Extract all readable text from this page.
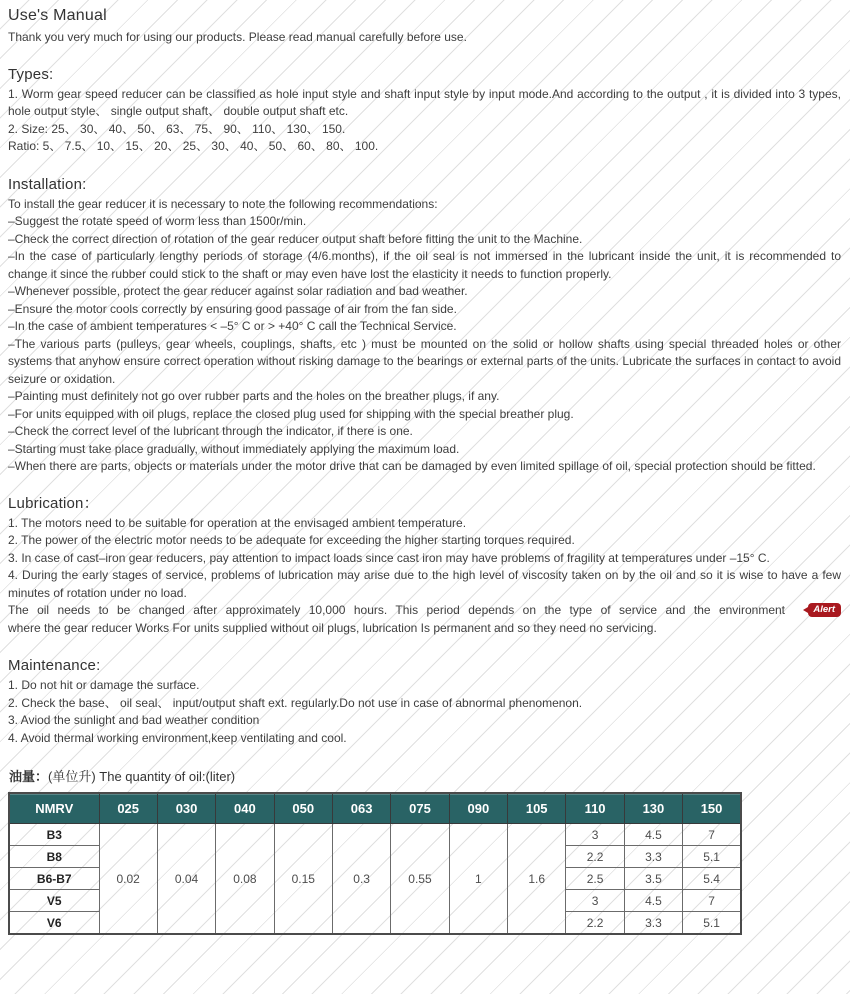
Use's Manual

Thank you very much for using our products. Please read manual carefully before use.

Types:
1. Worm gear speed reducer can be classified as hole input style and shaft input style by input mode.And according to the output , it is divided into 3 types, hole output style、 single output shaft、 double output shaft etc.
2. Size: 25、 30、 40、 50、 63、 75、 90、 110、 130、 150.
Ratio: 5、 7.5、 10、 15、 20、 25、 30、 40、 50、 60、 80、 100.
Installation:
To install the gear reducer it is necessary to note the following recommendations:
–Suggest the rotate speed of worm less than 1500r/min.
–Check the correct direction of rotation of the gear reducer output shaft before fitting the unit to the Machine.
–In the case of particularly lengthy periods of storage (4/6.months), if the oil seal is not immersed in the lubricant inside the unit, it is recommended to change it since the rubber could stick to the shaft or may even have lost the elasticity it needs to function properly.
–Whenever possible, protect the gear reducer against solar radiation and bad weather.
–Ensure the motor cools correctly by ensuring good passage of air from the fan side.
–In the case of ambient temperatures < –5° C or > +40° C call the Technical Service.
–The various parts (pulleys, gear wheels, couplings, shafts, etc ) must be mounted on the solid or hollow shafts using special threaded holes or other systems that anyhow ensure correct operation without risking damage to the bearings or external parts of the units. Lubricate the surfaces in contact to avoid seizure or oxidation.
–Painting must definitely not go over rubber parts and the holes on the breather plugs, if any.
–For units equipped with oil plugs, replace the closed plug used for shipping with the special breather plug.
–Check the correct level of the lubricant through the indicator, if there is one.
–Starting must take place gradually, without immediately applying the maximum load.
–When there are parts, objects or materials under the motor drive that can be damaged by even limited spillage of oil, special protection should be fitted.
Lubrication：
1. The motors need to be suitable for operation at the envisaged ambient temperature.
2. The power of the electric motor needs to be adequate for exceeding the higher starting torques required.
3. In case of cast–iron gear reducers, pay attention to impact loads since cast iron may have problems of fragility at temperatures under –15° C.
4. During the early stages of service, problems of lubrication may arise due to the high level of viscosity taken on by the oil and so it is wise to have a few minutes of rotation under no load.
The oil needs to be changed after approximately 10,000 hours. This period depends on the type of service and the environment	Alert
where the gear reducer Works For units supplied without oil plugs, lubrication Is permanent and so they need no servicing.
Maintenance:
1. Do not hit or damage the surface.
2. Check the base、 oil seal、 input/output shaft ext. regularly.Do not use in case of abnormal phenomenon.
3. Aviod the sunlight and bad weather condition
4. Avoid thermal working environment,keep ventilating and cool.
油量：(单位升) The quantity of oil:(liter)
NMRV	025	030	040	050	063	075	090	105	110	130	150
B3	0.02	0.04	0.08	0.15	0.3	0.55	1	1.6	3	4.5	7
B8									2.2	3.3	5.1
B6-B7									2.5	3.5	5.4
V5									3	4.5	7
V6									2.2	3.3	5.1
